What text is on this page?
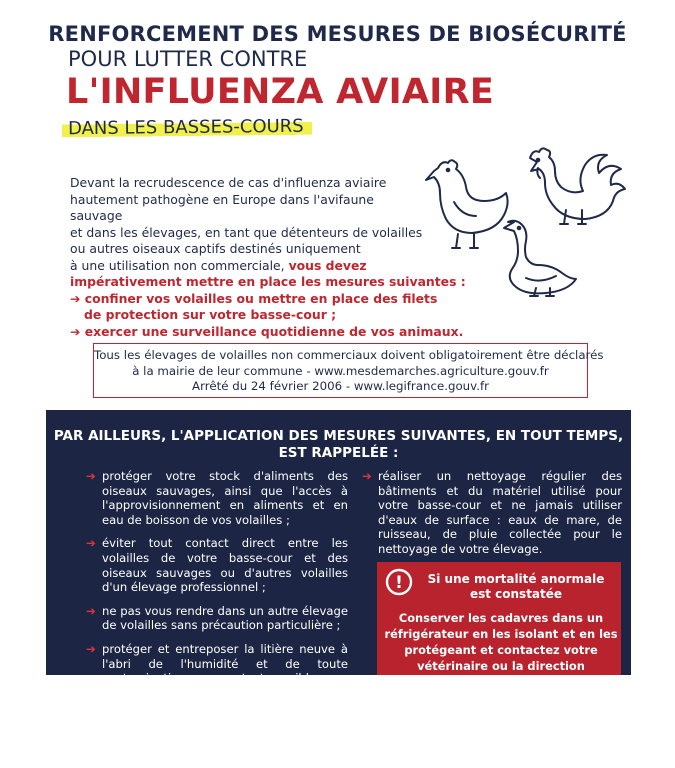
RENFORCEMENT DES MESURES DE BIOSÉCURITÉ
POUR LUTTER CONTRE
L'INFLUENZA AVIAIRE
DANS LES BASSES-COURS
Devant la recrudescence de cas d'influenza aviaire
hautement pathogène en Europe dans l'avifaune sauvage
et dans les élevages, en tant que détenteurs de volailles
ou autres oiseaux captifs destinés uniquement
à une utilisation non commerciale, vous devez
impérativement mettre en place les mesures suivantes :
➔ confiner vos volailles ou mettre en place des filets
de protection sur votre basse-cour ;
➔ exercer une surveillance quotidienne de vos animaux.
Tous les élevages de volailles non commerciaux doivent obligatoirement être déclarés
à la mairie de leur commune - www.mesdemarches.agriculture.gouv.fr
Arrêté du 24 février 2006 - www.legifrance.gouv.fr
PAR AILLEURS, L'APPLICATION DES MESURES SUIVANTES, EN TOUT TEMPS,
EST RAPPELÉE :
➔ protéger votre stock d'aliments des oiseaux sauvages, ainsi que l'accès à l'approvisionnement en aliments et en eau de boisson de vos volailles ;
➔ éviter tout contact direct entre les volailles de votre basse-cour et des oiseaux sauvages ou d'autres volailles d'un élevage professionnel ;
➔ ne pas vous rendre dans un autre élevage de volailles sans précaution particulière ;
➔ protéger et entreposer la litière neuve à l'abri de l'humidité et de toute contamination sans contact possible avec des cadavres. Si les fientes et fumiers sont compostés à proximité de la basse-cour, ils ne doivent pas être transportés en dehors de l'exploitation avant une période de
➔ réaliser un nettoyage régulier des bâtiments et du matériel utilisé pour votre basse-cour et ne jamais utiliser d'eaux de surface : eaux de mare, de ruisseau, de pluie collectée pour le nettoyage de votre élevage.
!	Si une mortalité anormale
est constatée
Conserver les cadavres dans un réfrigérateur en les isolant et en les protégeant et contactez votre vétérinaire ou la direction départementale en charge
